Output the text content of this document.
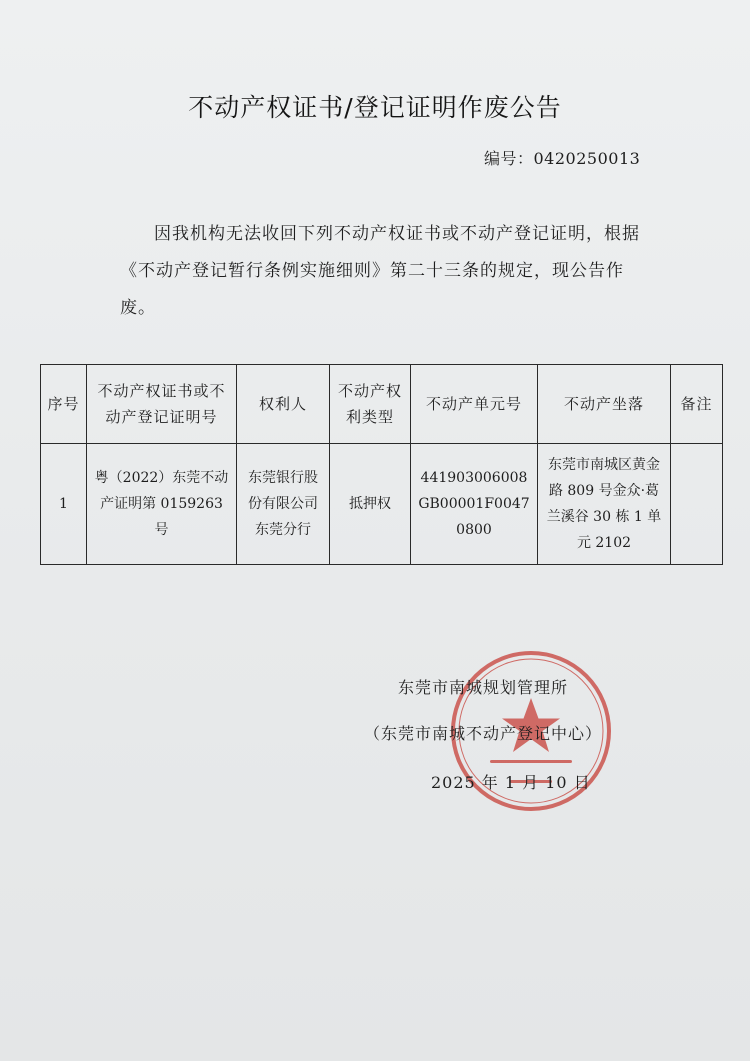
不动产权证书/登记证明作废公告
编号：0420250013

因我机构无法收回下列不动产权证书或不动产登记证明，根据《不动产登记暂行条例实施细则》第二十三条的规定，现公告作废。

序号	不动产权证书或不动产登记证明号	权利人	不动产权利类型	不动产单元号	不动产坐落	备注
1	粤（2022）东莞不动产证明第 0159263 号	东莞银行股份有限公司东莞分行	抵押权	441903006008GB00001F00470800	东莞市南城区黄金路 809 号金众·葛兰溪谷 30 栋 1 单元 2102	
东莞市南城规划管理所
（东莞市南城不动产登记中心）
2025 年 1 月 10 日
